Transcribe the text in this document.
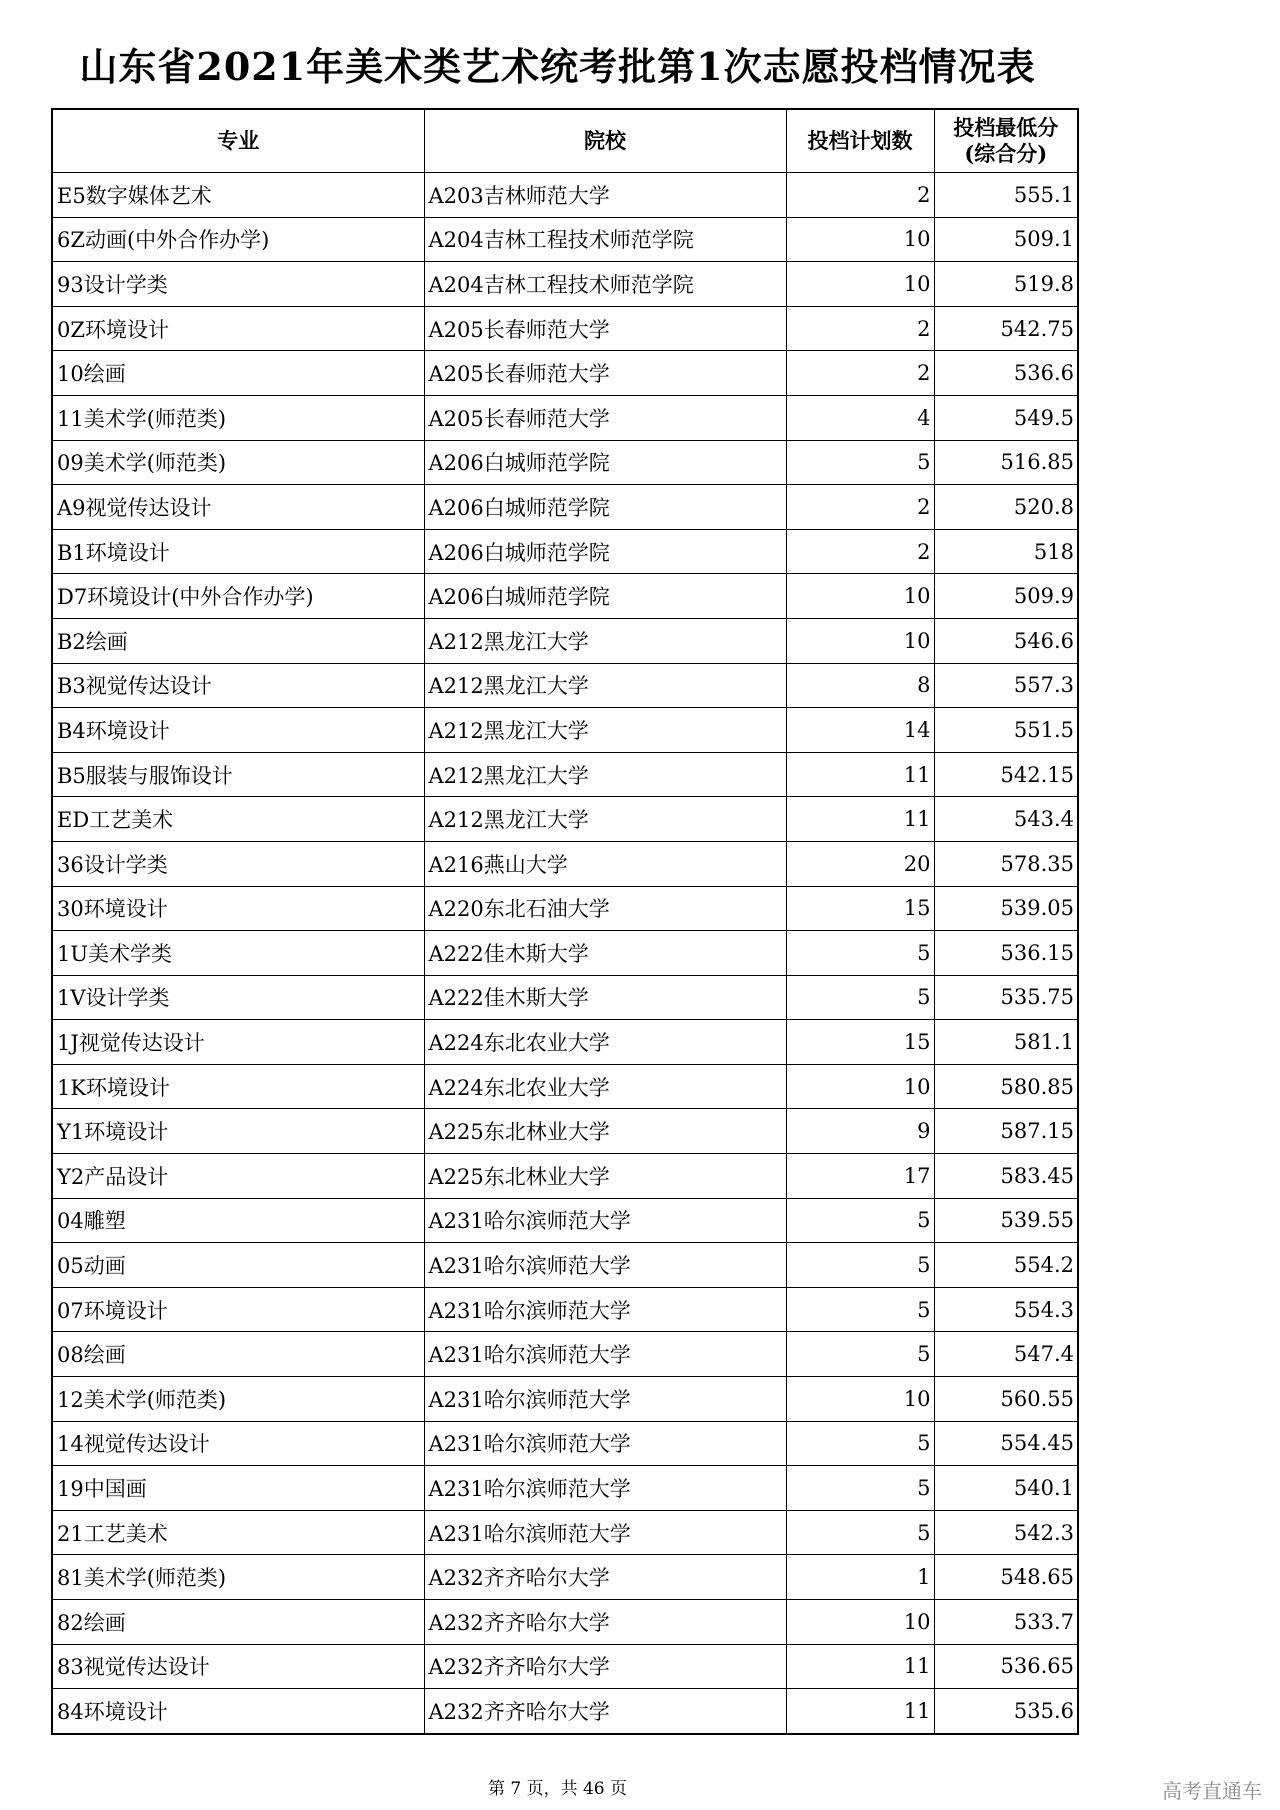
山东省2021年美术类艺术统考批第1次志愿投档情况表
专业	院校	投档计划数	投档最低分
(综合分)
E5数字媒体艺术	A203吉林师范大学	2	555.1
6Z动画(中外合作办学)	A204吉林工程技术师范学院	10	509.1
93设计学类	A204吉林工程技术师范学院	10	519.8
0Z环境设计	A205长春师范大学	2	542.75
10绘画	A205长春师范大学	2	536.6
11美术学(师范类)	A205长春师范大学	4	549.5
09美术学(师范类)	A206白城师范学院	5	516.85
A9视觉传达设计	A206白城师范学院	2	520.8
B1环境设计	A206白城师范学院	2	518
D7环境设计(中外合作办学)	A206白城师范学院	10	509.9
B2绘画	A212黑龙江大学	10	546.6
B3视觉传达设计	A212黑龙江大学	8	557.3
B4环境设计	A212黑龙江大学	14	551.5
B5服装与服饰设计	A212黑龙江大学	11	542.15
ED工艺美术	A212黑龙江大学	11	543.4
36设计学类	A216燕山大学	20	578.35
30环境设计	A220东北石油大学	15	539.05
1U美术学类	A222佳木斯大学	5	536.15
1V设计学类	A222佳木斯大学	5	535.75
1J视觉传达设计	A224东北农业大学	15	581.1
1K环境设计	A224东北农业大学	10	580.85
Y1环境设计	A225东北林业大学	9	587.15
Y2产品设计	A225东北林业大学	17	583.45
04雕塑	A231哈尔滨师范大学	5	539.55
05动画	A231哈尔滨师范大学	5	554.2
07环境设计	A231哈尔滨师范大学	5	554.3
08绘画	A231哈尔滨师范大学	5	547.4
12美术学(师范类)	A231哈尔滨师范大学	10	560.55
14视觉传达设计	A231哈尔滨师范大学	5	554.45
19中国画	A231哈尔滨师范大学	5	540.1
21工艺美术	A231哈尔滨师范大学	5	542.3
81美术学(师范类)	A232齐齐哈尔大学	1	548.65
82绘画	A232齐齐哈尔大学	10	533.7
83视觉传达设计	A232齐齐哈尔大学	11	536.65
84环境设计	A232齐齐哈尔大学	11	535.6
第 7 页，共 46 页	高考直通车
